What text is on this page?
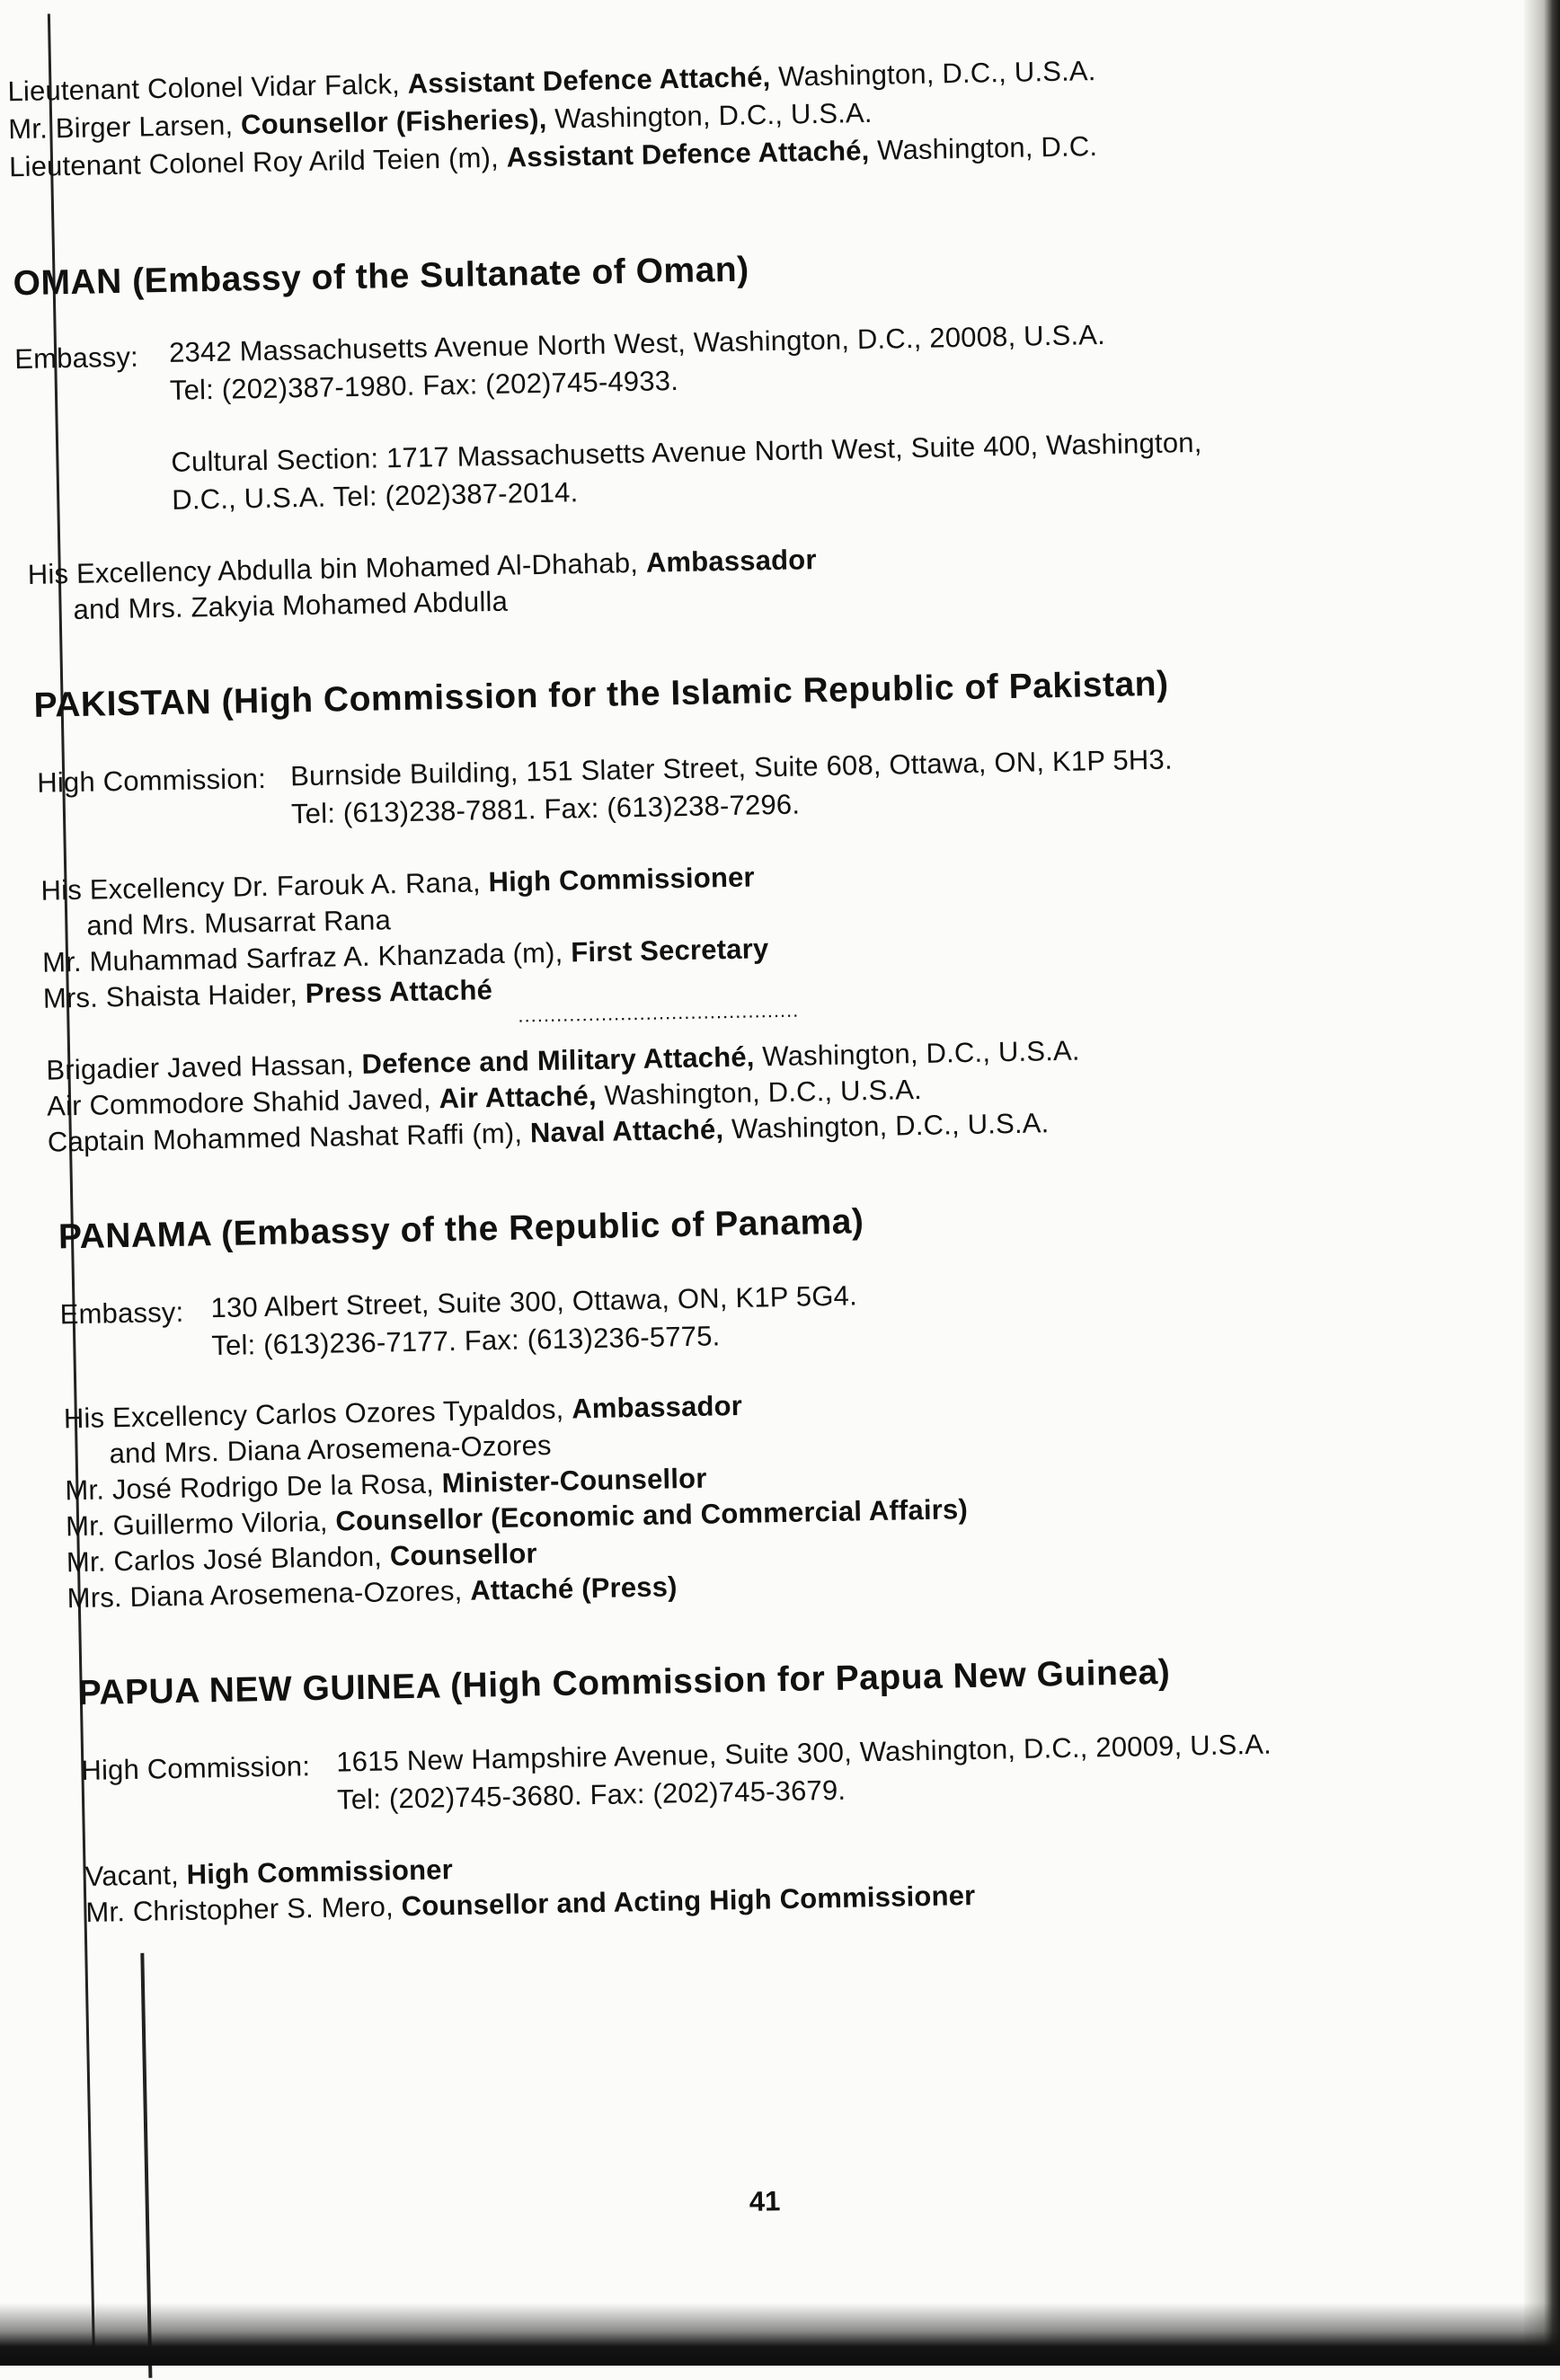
Lieutenant Colonel Vidar Falck, Assistant Defence Attaché, Washington, D.C., U.S.A.
Mr. Birger Larsen, Counsellor (Fisheries), Washington, D.C., U.S.A.
Lieutenant Colonel Roy Arild Teien (m), Assistant Defence Attaché, Washington, D.C.
OMAN (Embassy of the Sultanate of Oman)
Embassy: 2342 Massachusetts Avenue North West, Washington, D.C., 20008, U.S.A.
Tel: (202)387-1980. Fax: (202)745-4933.
Cultural Section: 1717 Massachusetts Avenue North West, Suite 400, Washington,
D.C., U.S.A. Tel: (202)387-2014.
His Excellency Abdulla bin Mohamed Al-Dhahab, Ambassador
and Mrs. Zakyia Mohamed Abdulla
PAKISTAN (High Commission for the Islamic Republic of Pakistan)
High Commission: Burnside Building, 151 Slater Street, Suite 608, Ottawa, ON, K1P 5H3.
Tel: (613)238-7881. Fax: (613)238-7296.
His Excellency Dr. Farouk A. Rana, High Commissioner
and Mrs. Musarrat Rana
Mr. Muhammad Sarfraz A. Khanzada (m), First Secretary
Mrs. Shaista Haider, Press Attaché
............................................
Brigadier Javed Hassan, Defence and Military Attaché, Washington, D.C., U.S.A.
Air Commodore Shahid Javed, Air Attaché, Washington, D.C., U.S.A.
Captain Mohammed Nashat Raffi (m), Naval Attaché, Washington, D.C., U.S.A.
PANAMA (Embassy of the Republic of Panama)
Embassy: 130 Albert Street, Suite 300, Ottawa, ON, K1P 5G4.
Tel: (613)236-7177. Fax: (613)236-5775.
His Excellency Carlos Ozores Typaldos, Ambassador
and Mrs. Diana Arosemena-Ozores
Mr. José Rodrigo De la Rosa, Minister-Counsellor
Mr. Guillermo Viloria, Counsellor (Economic and Commercial Affairs)
Mr. Carlos José Blandon, Counsellor
Mrs. Diana Arosemena-Ozores, Attaché (Press)
PAPUA NEW GUINEA (High Commission for Papua New Guinea)
High Commission: 1615 New Hampshire Avenue, Suite 300, Washington, D.C., 20009, U.S.A.
Tel: (202)745-3680. Fax: (202)745-3679.
Vacant, High Commissioner
Mr. Christopher S. Mero, Counsellor and Acting High Commissioner
41
